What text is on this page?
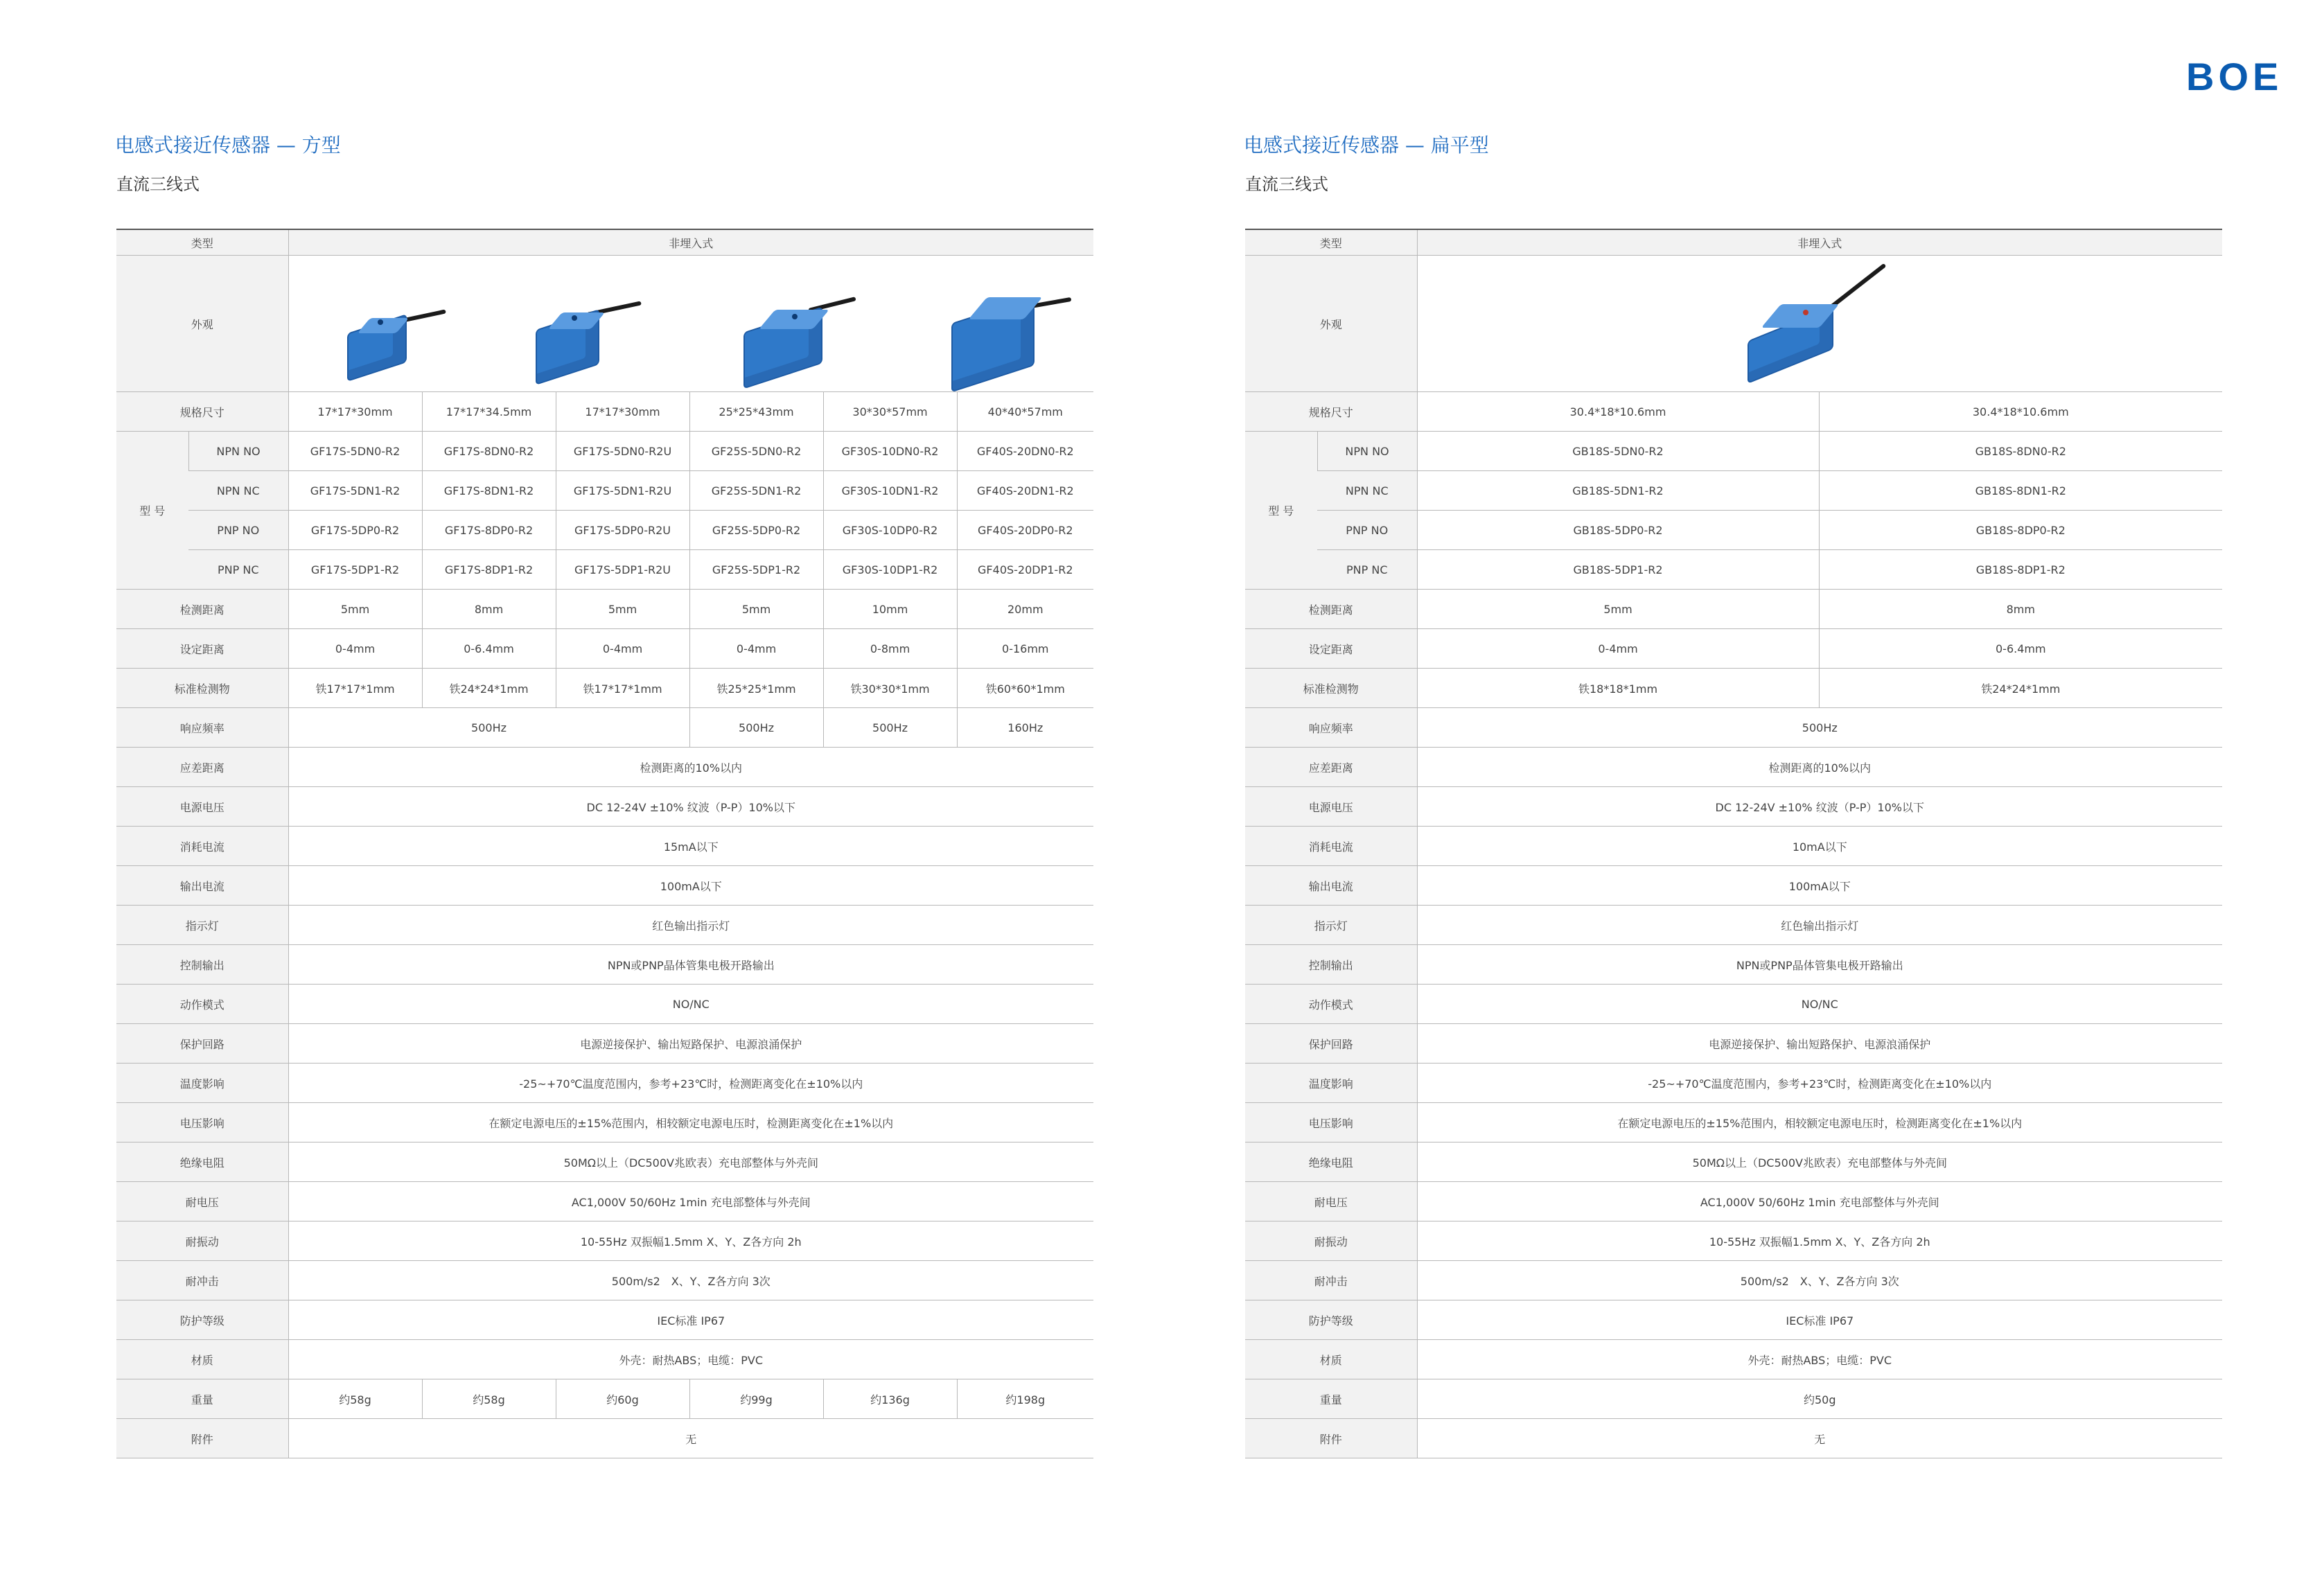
BOE
电感式接近传感器 — 方型
直流三线式
类型		非埋入式					
外观							

规格尺寸		17*17*30mm	17*17*34.5mm	17*17*30mm	25*25*43mm	30*30*57mm	40*40*57mm
型 号	NPN NO	GF17S-5DN0-R2	GF17S-8DN0-R2	GF17S-5DN0-R2U	GF25S-5DN0-R2	GF30S-10DN0-R2	GF40S-20DN0-R2
	NPN NC	GF17S-5DN1-R2	GF17S-8DN1-R2	GF17S-5DN1-R2U	GF25S-5DN1-R2	GF30S-10DN1-R2	GF40S-20DN1-R2
	PNP NO	GF17S-5DP0-R2	GF17S-8DP0-R2	GF17S-5DP0-R2U	GF25S-5DP0-R2	GF30S-10DP0-R2	GF40S-20DP0-R2
	PNP NC	GF17S-5DP1-R2	GF17S-8DP1-R2	GF17S-5DP1-R2U	GF25S-5DP1-R2	GF30S-10DP1-R2	GF40S-20DP1-R2
检测距离		5mm	8mm	5mm	5mm	10mm	20mm
设定距离		0-4mm	0-6.4mm	0-4mm	0-4mm	0-8mm	0-16mm
标准检测物		铁17*17*1mm	铁24*24*1mm	铁17*17*1mm	铁25*25*1mm	铁30*30*1mm	铁60*60*1mm
响应频率		500Hz			500Hz	500Hz	160Hz
应差距离		检测距离的10%以内					
电源电压		DC 12-24V ±10% 纹波（P-P）10%以下					
消耗电流		15mA以下					
输出电流		100mA以下					
指示灯		红色输出指示灯					
控制输出		NPN或PNP晶体管集电极开路输出					
动作模式		NO/NC					
保护回路		电源逆接保护、输出短路保护、电源浪涌保护					
温度影响		-25~+70℃温度范围内，参考+23℃时，检测距离变化在±10%以内					
电压影响		在额定电源电压的±15%范围内，相较额定电源电压时，检测距离变化在±1%以内					
绝缘电阻		50MΩ以上（DC500V兆欧表）充电部整体与外壳间					
耐电压		AC1,000V 50/60Hz 1min 充电部整体与外壳间					
耐振动		10-55Hz 双振幅1.5mm X、Y、Z各方向 2h					
耐冲击		500m/s2　X、Y、Z各方向 3次					
防护等级		IEC标准 IP67					
材质		外壳：耐热ABS；电缆：PVC					
重量		约58g	约58g	约60g	约99g	约136g	约198g
附件		无					
电感式接近传感器 — 扁平型
直流三线式
类型		非埋入式	
外观			

规格尺寸		30.4*18*10.6mm	30.4*18*10.6mm
型 号	NPN NO	GB18S-5DN0-R2	GB18S-8DN0-R2
	NPN NC	GB18S-5DN1-R2	GB18S-8DN1-R2
	PNP NO	GB18S-5DP0-R2	GB18S-8DP0-R2
	PNP NC	GB18S-5DP1-R2	GB18S-8DP1-R2
检测距离		5mm	8mm
设定距离		0-4mm	0-6.4mm
标准检测物		铁18*18*1mm	铁24*24*1mm
响应频率		500Hz	
应差距离		检测距离的10%以内	
电源电压		DC 12-24V ±10% 纹波（P-P）10%以下	
消耗电流		10mA以下	
输出电流		100mA以下	
指示灯		红色输出指示灯	
控制输出		NPN或PNP晶体管集电极开路输出	
动作模式		NO/NC	
保护回路		电源逆接保护、输出短路保护、电源浪涌保护	
温度影响		-25~+70℃温度范围内，参考+23℃时，检测距离变化在±10%以内	
电压影响		在额定电源电压的±15%范围内，相较额定电源电压时，检测距离变化在±1%以内	
绝缘电阻		50MΩ以上（DC500V兆欧表）充电部整体与外壳间	
耐电压		AC1,000V 50/60Hz 1min 充电部整体与外壳间	
耐振动		10-55Hz 双振幅1.5mm X、Y、Z各方向 2h	
耐冲击		500m/s2　X、Y、Z各方向 3次	
防护等级		IEC标准 IP67	
材质		外壳：耐热ABS；电缆：PVC	
重量		约50g	
附件		无	
